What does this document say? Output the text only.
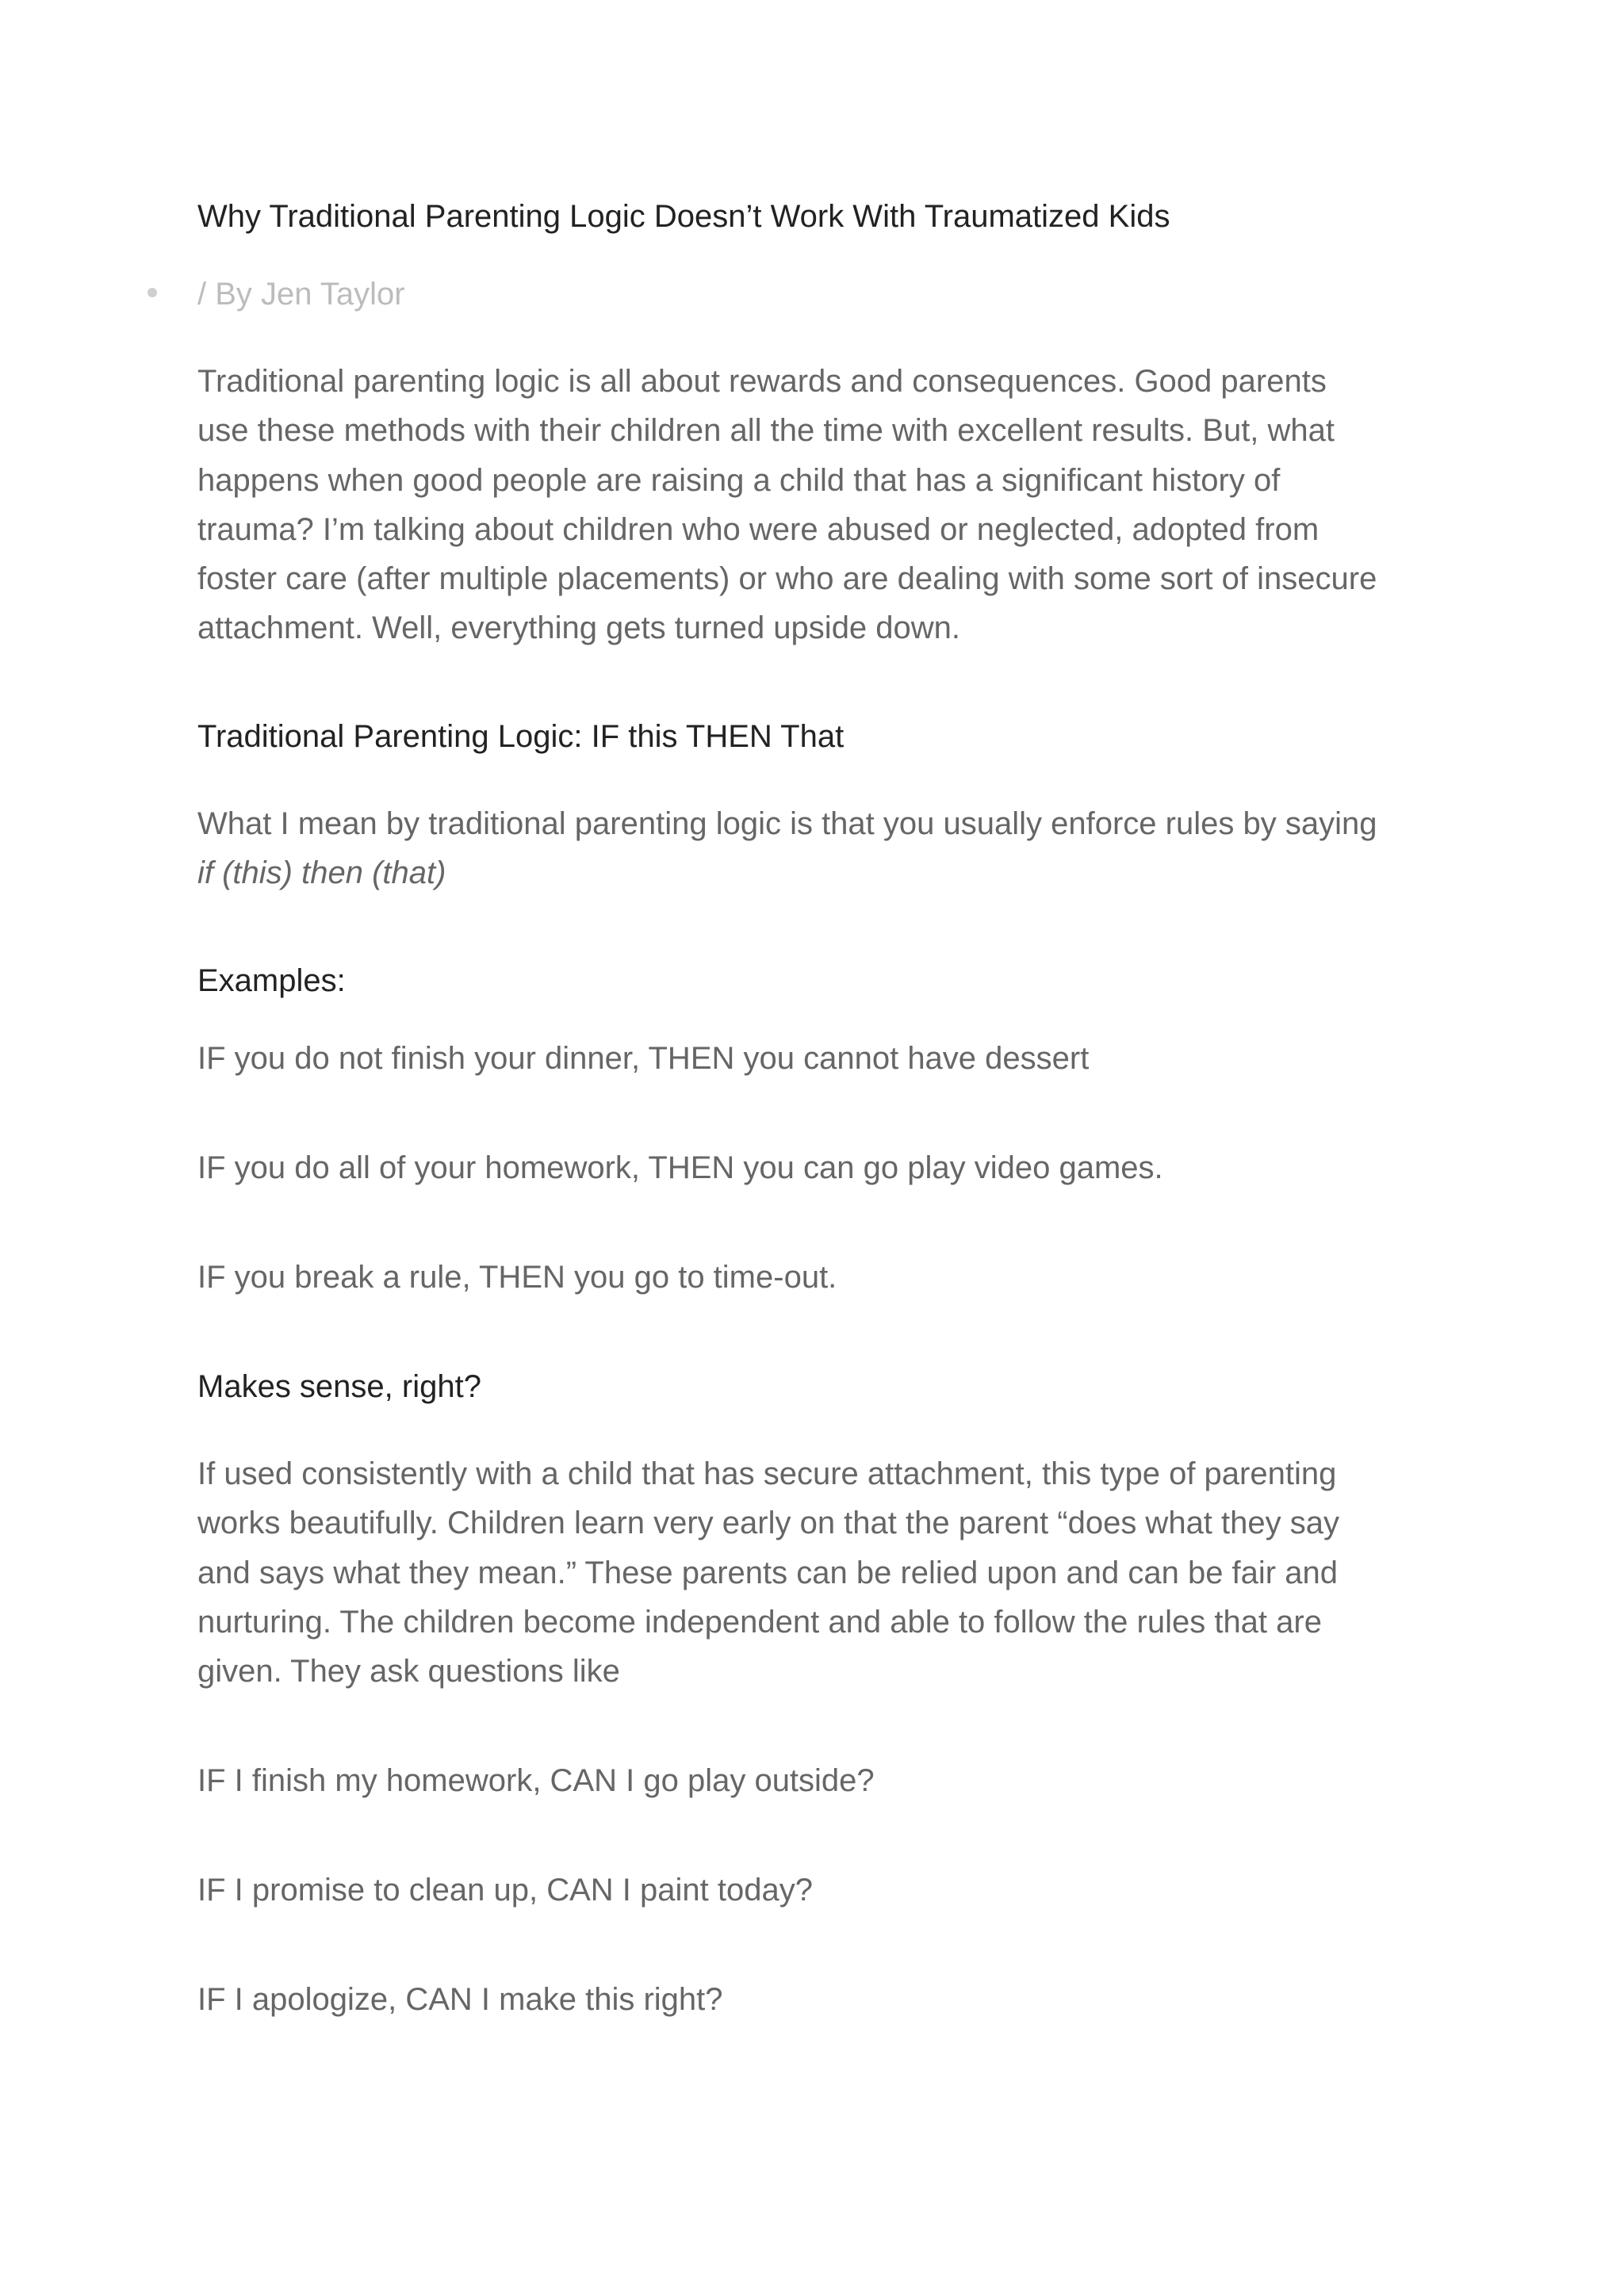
Why Traditional Parenting Logic Doesn’t Work With Traumatized Kids
/ By Jen Taylor
Traditional parenting logic is all about rewards and consequences. Good parents
use these methods with their children all the time with excellent results. But, what
happens when good people are raising a child that has a significant history of
trauma? I’m talking about children who were abused or neglected, adopted from
foster care (after multiple placements) or who are dealing with some sort of insecure
attachment. Well, everything gets turned upside down.
Traditional Parenting Logic: IF this THEN That
What I mean by traditional parenting logic is that you usually enforce rules by saying
if (this) then (that)
Examples:
IF you do not finish your dinner, THEN you cannot have dessert
IF you do all of your homework, THEN you can go play video games.
IF you break a rule, THEN you go to time-out.
Makes sense, right?
If used consistently with a child that has secure attachment, this type of parenting
works beautifully. Children learn very early on that the parent “does what they say
and says what they mean.” These parents can be relied upon and can be fair and
nurturing. The children become independent and able to follow the rules that are
given. They ask questions like
IF I finish my homework, CAN I go play outside?
IF I promise to clean up, CAN I paint today?
IF I apologize, CAN I make this right?
